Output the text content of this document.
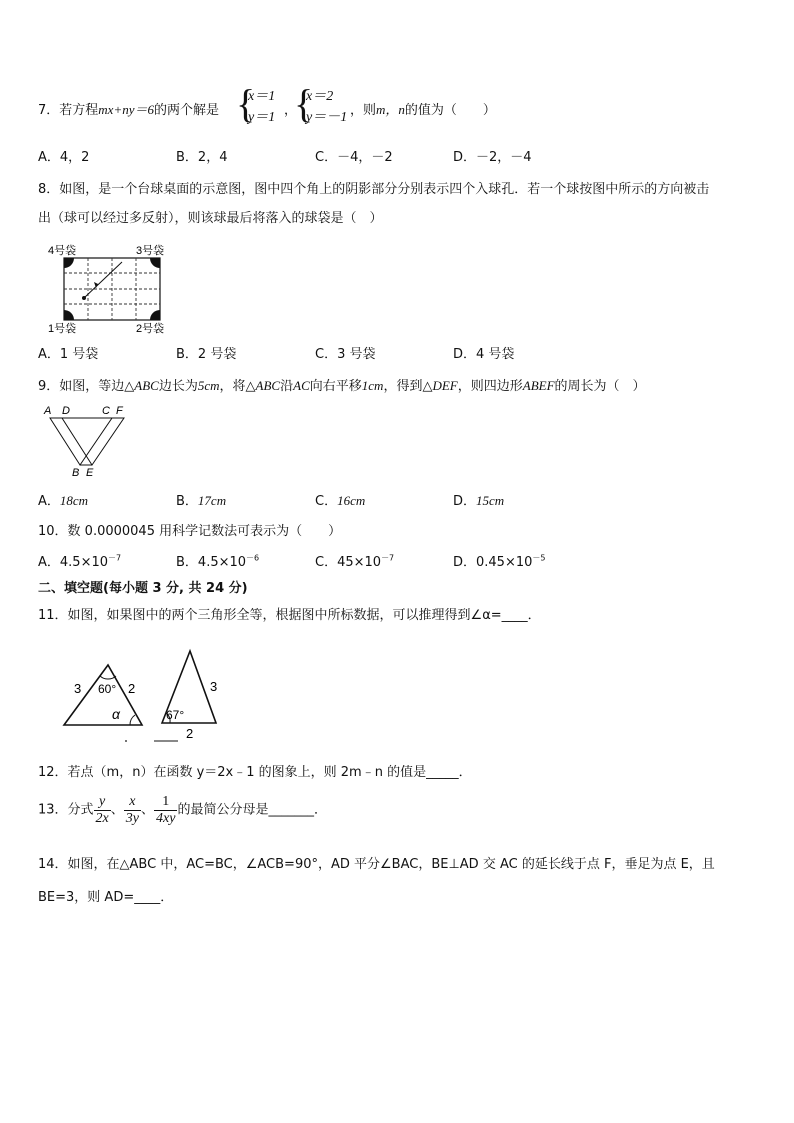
7．若方程mx+ny＝6的两个解是 {
x＝1
y＝1 ，
{
x＝2
y＝－1 ，则m，n的值为（　　）
A．4，2	B．2，4	C．－4，－2	D．－2，－4
8．如图，是一个台球桌面的示意图，图中四个角上的阴影部分分别表示四个入球孔．若一个球按图中所示的方向被击
出（球可以经过多反射），则该球最后将落入的球袋是（　）
4号袋	3号袋
1号袋	2号袋
A．1 号袋	B．2 号袋	C．3 号袋	D．4 号袋
9．如图，等边△ABC边长为5cm，将△ABC沿AC向右平移1cm，得到△DEF，则四边形ABEF的周长为（　）
A D	C F
B E
A．18cm	B．17cm	C．16cm	D．15cm
10．数 0.0000045 用科学记数法可表示为（　　）
A．$4.5\times 10^{-7}$	B．$4.5\times 10^{-6}$	C．$45\times 10^{-7}$	D．$0.45\times 10^{-5}$
二、填空题(每小题 3 分, 共 24 分)
11．如图，如果图中的两个三角形全等，根据图中所标数据，可以推理得到∠α=____．
3 60° 2
α
3
67°
2
12．若点（m，n）在函数 y＝2x﹣1 的图象上，则 2m﹣n 的值是_____．
13．分式 $\frac{y}{2x}$ 、 $\frac{x}{3y}$ 、 $\frac{1}{4xy}$ 的最简公分母是_______．
14．如图，在△ABC 中，AC=BC，∠ACB=90°，AD 平分∠BAC，BE⊥AD 交 AC 的延长线于点 F，垂足为点 E，且
BE=3，则 AD=____．
